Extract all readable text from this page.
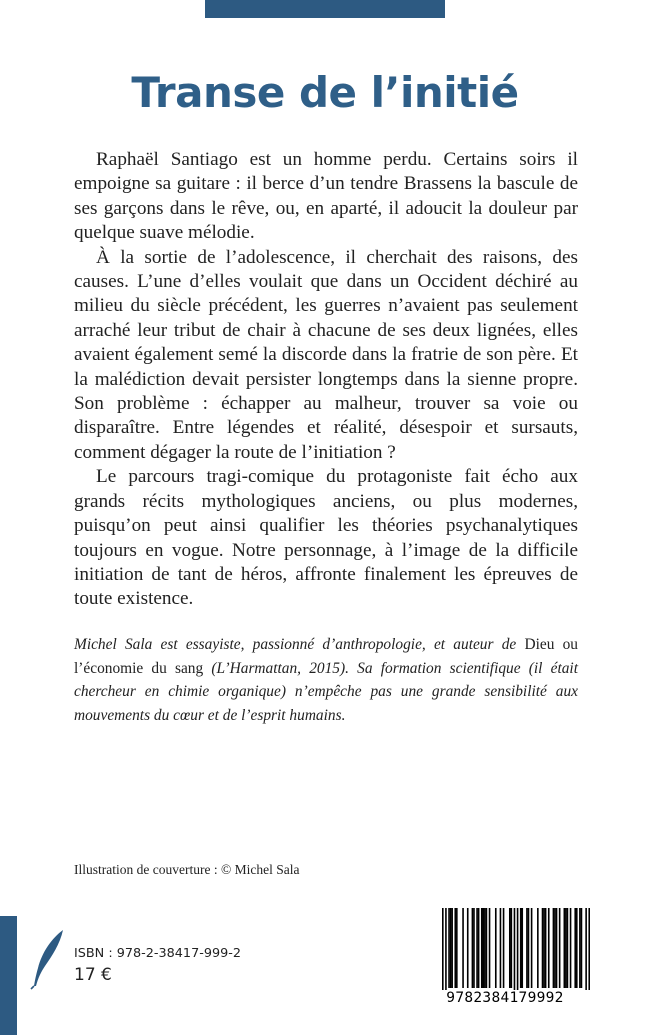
Transe de l’initié

Raphaël Santiago est un homme perdu. Certains soirs il empoigne sa guitare : il berce d’un tendre Brassens la bascule de ses garçons dans le rêve, ou, en aparté, il adoucit la douleur par quelque suave mélodie.

À la sortie de l’adolescence, il cherchait des raisons, des causes. L’une d’elles voulait que dans un Occident déchiré au milieu du siècle précédent, les guerres n’avaient pas seulement arraché leur tribut de chair à chacune de ses deux lignées, elles avaient également semé la discorde dans la fratrie de son père. Et la malédiction devait persister longtemps dans la sienne propre. Son problème : échapper au malheur, trouver sa voie ou disparaître. Entre légendes et réalité, désespoir et sursauts, comment dégager la route de l’initiation ?

Le parcours tragi-comique du protagoniste fait écho aux grands récits mythologiques anciens, ou plus modernes, puisqu’on peut ainsi qualifier les théories psychanalytiques toujours en vogue. Notre personnage, à l’image de la difficile initiation de tant de héros, affronte finalement les épreuves de toute existence.

Michel Sala est essayiste, passionné d’anthropologie, et auteur de Dieu ou l’économie du sang (L’Harmattan, 2015). Sa formation scientifique (il était chercheur en chimie organique) n’empêche pas une grande sensibilité aux mouvements du cœur et de l’esprit humains.

Illustration de couverture : © Michel Sala

ISBN : 978-2-38417-999-2

17 €

9782384179992
